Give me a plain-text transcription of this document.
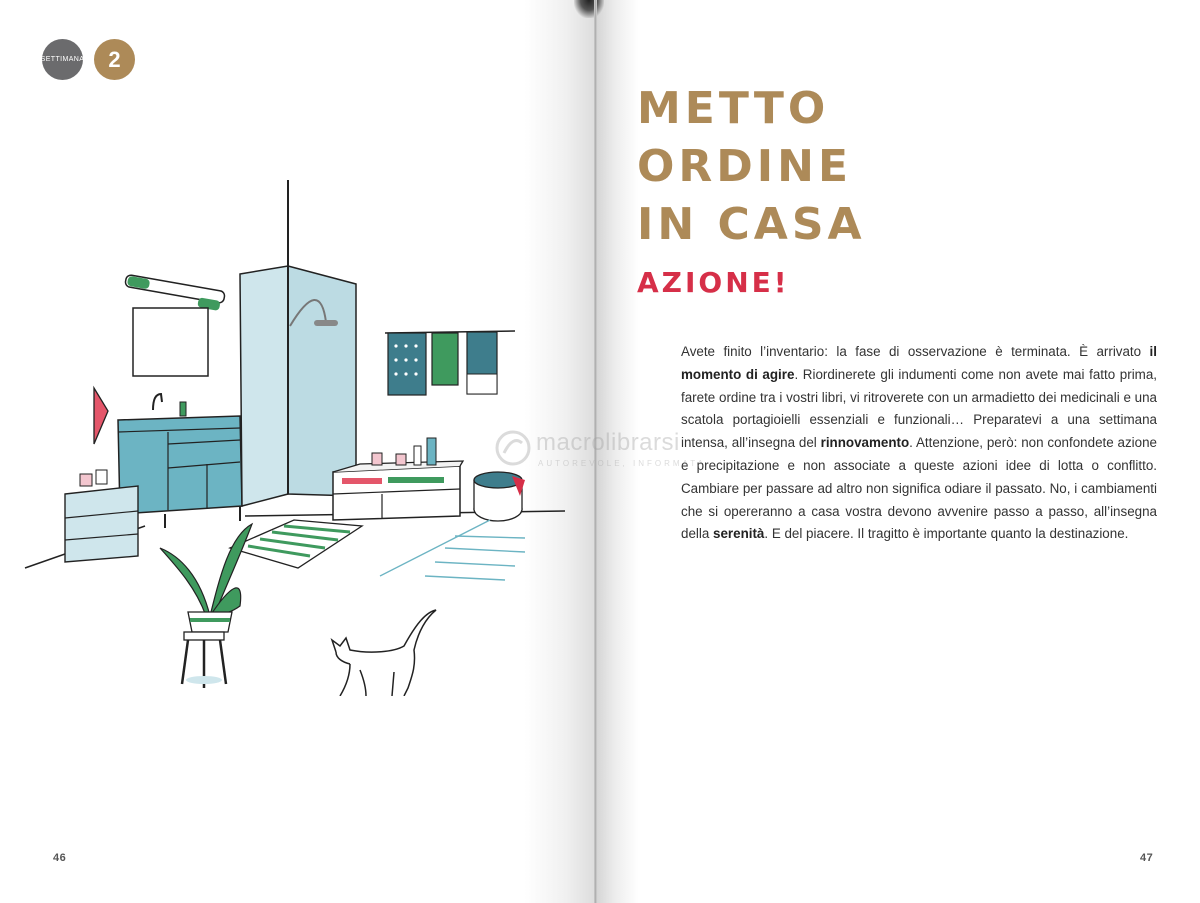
SETTIMANA 2
46	47
METTO
ORDINE
IN CASA
AZIONE!

Avete finito l’inventario: la fase di osservazione è terminata. È arrivato il momento di agire. Riordinerete gli indumenti come non avete mai fatto prima, farete ordine tra i vostri libri, vi ritroverete con un armadietto dei medicinali e una scatola portagioielli essenziali e funzionali… Preparatevi a una settimana intensa, all’insegna del rinnovamento. Attenzione, però: non confondete azione e precipitazione e non associate a queste azioni idee di lotta o conflitto. Cambiare per passare ad altro non significa odiare il passato. No, i cambiamenti che si opereranno a casa vostra devono avvenire passo a passo, all’insegna della serenità. E del piacere. Il tragitto è importante quanto la destinazione.

macrolibrarsi
AUTOREVOLE, INFORMATA
